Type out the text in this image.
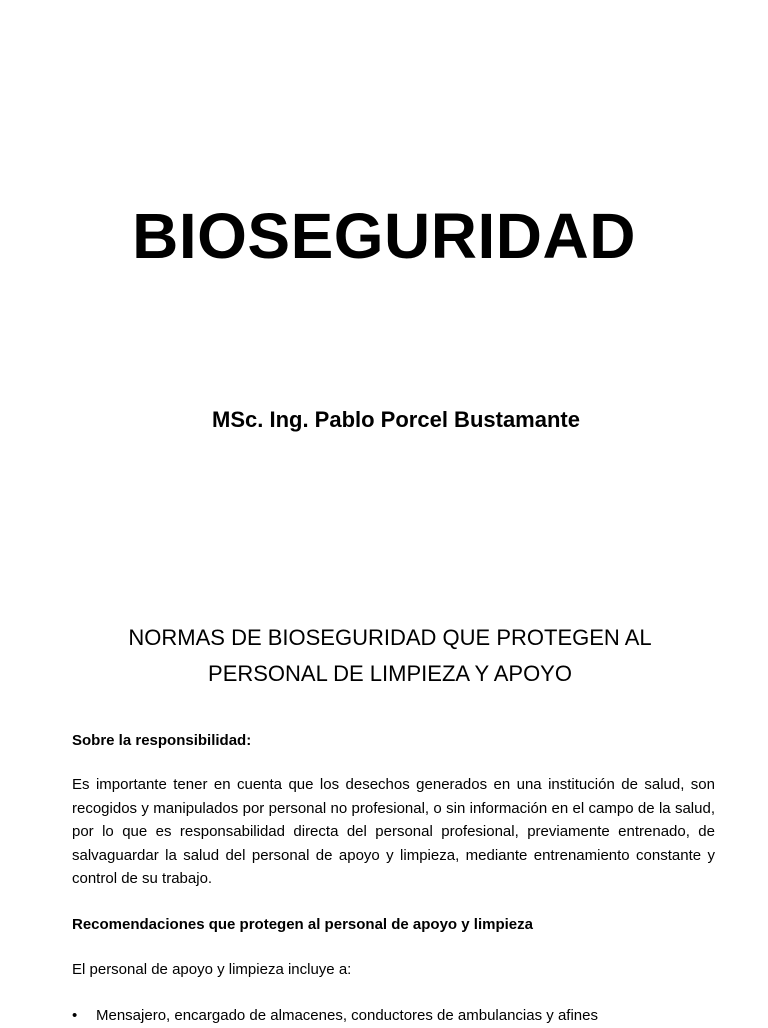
BIOSEGURIDAD
MSc. Ing. Pablo Porcel Bustamante
NORMAS DE BIOSEGURIDAD QUE PROTEGEN AL
PERSONAL DE LIMPIEZA Y APOYO
Sobre la responsibilidad:
Es importante tener en cuenta que los desechos generados en una institución de salud, son recogidos y manipulados por personal no profesional, o sin información en el campo de la salud, por lo que es responsabilidad directa del personal profesional, previamente entrenado, de salvaguardar la salud del personal de apoyo y limpieza, mediante entrenamiento constante y control de su trabajo.
Recomendaciones que protegen al personal de apoyo y limpieza
El personal de apoyo y limpieza incluye a:
• Mensajero, encargado de almacenes, conductores de ambulancias y afines
